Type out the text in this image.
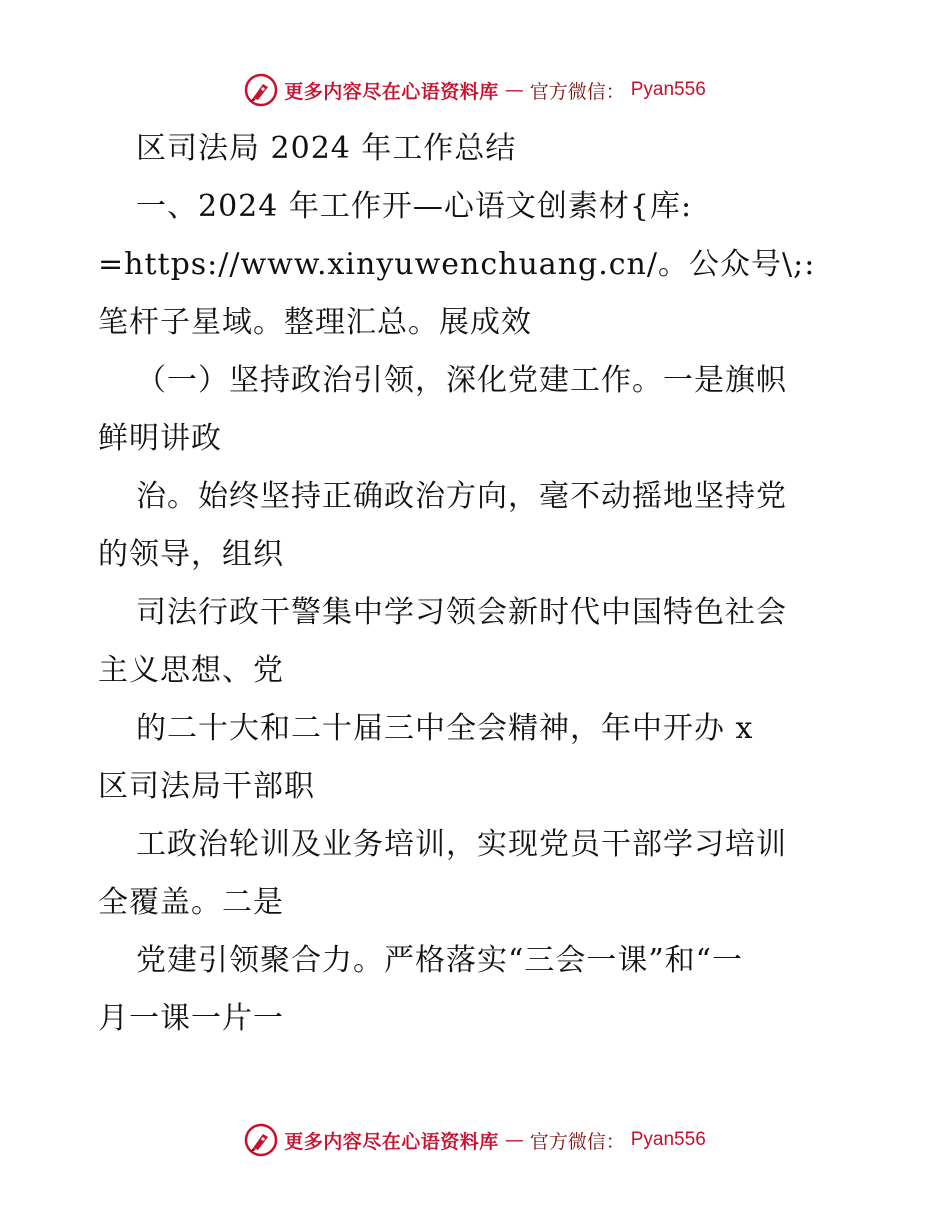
更多内容尽在心语资料库 — 官方微信： Pyan556

区司法局 2024 年工作总结

一、2024 年工作开—心语文创素材{库:

=https://www.xinyuwenchuang.cn/。公众号\;:

笔杆子星域。整理汇总。展成效

（一）坚持政治引领，深化党建工作。一是旗帜

鲜明讲政

治。始终坚持正确政治方向，毫不动摇地坚持党

的领导，组织

司法行政干警集中学习领会新时代中国特色社会

主义思想、党

的二十大和二十届三中全会精神，年中开办 x

区司法局干部职

工政治轮训及业务培训，实现党员干部学习培训

全覆盖。二是

党建引领聚合力。严格落实“三会一课”和“一

月一课一片一

更多内容尽在心语资料库 — 官方微信： Pyan556
